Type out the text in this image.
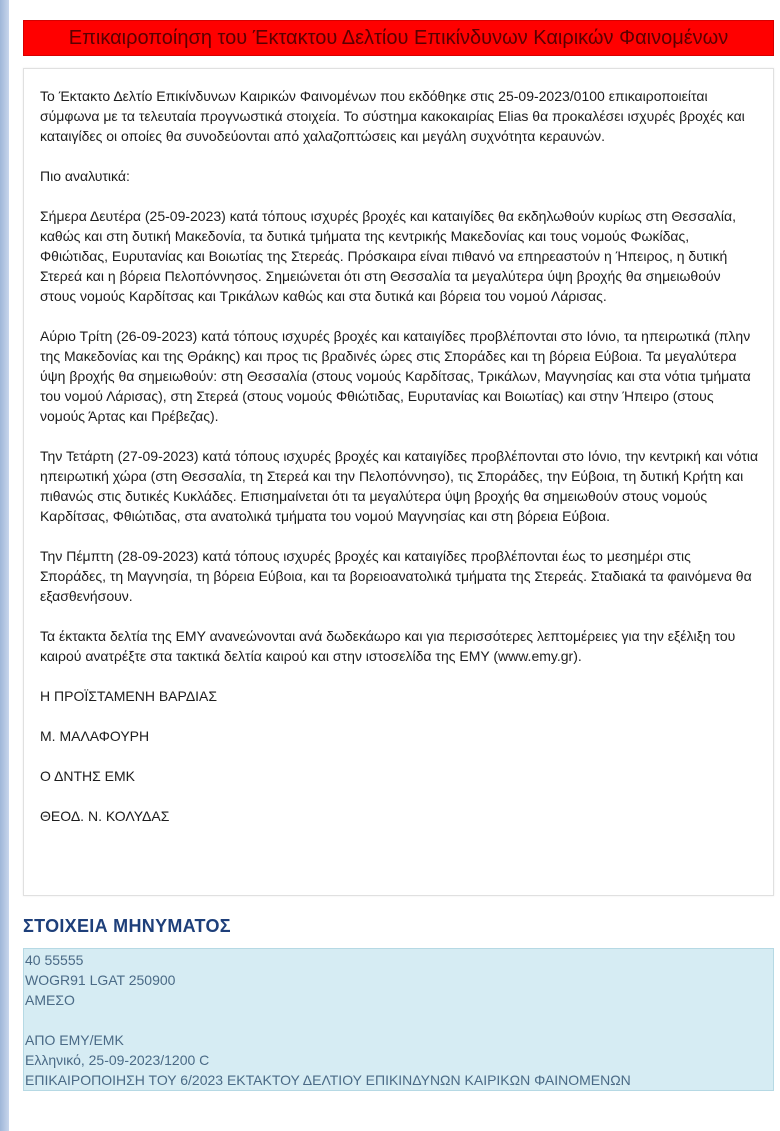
Επικαιροποίηση του Έκτακτου Δελτίου Επικίνδυνων Καιρικών Φαινομένων

Το Έκτακτο Δελτίο Επικίνδυνων Καιρικών Φαινομένων που εκδόθηκε στις 25-09-2023/0100 επικαιροποιείται σύμφωνα με τα τελευταία προγνωστικά στοιχεία. Το σύστημα κακοκαιρίας Elias θα προκαλέσει ισχυρές βροχές και καταιγίδες οι οποίες θα συνοδεύονται από χαλαζοπτώσεις και μεγάλη συχνότητα κεραυνών.

Πιο αναλυτικά:

Σήμερα Δευτέρα (25-09-2023) κατά τόπους ισχυρές βροχές και καταιγίδες θα εκδηλωθούν κυρίως στη Θεσσαλία, καθώς και στη δυτική Μακεδονία, τα δυτικά τμήματα της κεντρικής Μακεδονίας και τους νομούς Φωκίδας, Φθιώτιδας, Ευρυτανίας και Βοιωτίας της Στερεάς. Πρόσκαιρα είναι πιθανό να επηρεαστούν η Ήπειρος, η δυτική Στερεά και η βόρεια Πελοπόννησος. Σημειώνεται ότι στη Θεσσαλία τα μεγαλύτερα ύψη βροχής θα σημειωθούν στους νομούς Καρδίτσας και Τρικάλων καθώς και στα δυτικά και βόρεια του νομού Λάρισας.

Αύριο Τρίτη (26-09-2023) κατά τόπους ισχυρές βροχές και καταιγίδες προβλέπονται στο Ιόνιο, τα ηπειρωτικά (πλην της Μακεδονίας και της Θράκης) και προς τις βραδινές ώρες στις Σποράδες και τη βόρεια Εύβοια. Τα μεγαλύτερα ύψη βροχής θα σημειωθούν: στη Θεσσαλία (στους νομούς Καρδίτσας, Τρικάλων, Μαγνησίας και στα νότια τμήματα του νομού Λάρισας), στη Στερεά (στους νομούς Φθιώτιδας, Ευρυτανίας και Βοιωτίας) και στην Ήπειρο (στους νομούς Άρτας και Πρέβεζας).

Την Τετάρτη (27-09-2023) κατά τόπους ισχυρές βροχές και καταιγίδες προβλέπονται στο Ιόνιο, την κεντρική και νότια ηπειρωτική χώρα (στη Θεσσαλία, τη Στερεά και την Πελοπόννησο), τις Σποράδες, την Εύβοια, τη δυτική Κρήτη και πιθανώς στις δυτικές Κυκλάδες. Επισημαίνεται ότι τα μεγαλύτερα ύψη βροχής θα σημειωθούν στους νομούς Καρδίτσας, Φθιώτιδας, στα ανατολικά τμήματα του νομού Μαγνησίας και στη βόρεια Εύβοια.

Την Πέμπτη (28-09-2023) κατά τόπους ισχυρές βροχές και καταιγίδες προβλέπονται έως το μεσημέρι στις Σποράδες, τη Μαγνησία, τη βόρεια Εύβοια, και τα βορειοανατολικά τμήματα της Στερεάς. Σταδιακά τα φαινόμενα θα εξασθενήσουν.

Τα έκτακτα δελτία της ΕΜΥ ανανεώνονται ανά δωδεκάωρο και για περισσότερες λεπτομέρειες για την εξέλιξη του καιρού ανατρέξτε στα τακτικά δελτία καιρού και στην ιστοσελίδα της ΕΜΥ (www.emy.gr).

Η ΠΡΟΪΣΤΑΜΕΝΗ ΒΑΡΔΙΑΣ

Μ. ΜΑΛΑΦΟΥΡΗ

Ο ΔΝΤΗΣ ΕΜΚ

ΘΕΟΔ. Ν. ΚΟΛΥΔΑΣ

ΣΤΟΙΧΕΙΑ ΜΗΝΥΜΑΤΟΣ
40 55555
WOGR91 LGAT 250900
ΑΜΕΣΟ
ΑΠΟ ΕΜΥ/ΕΜΚ
Ελληνικό, 25-09-2023/1200 C
ΕΠΙΚΑΙΡΟΠΟΙΗΣΗ ΤΟΥ 6/2023 ΕΚΤΑΚΤΟΥ ΔΕΛΤΙΟΥ ΕΠΙΚΙΝΔΥΝΩΝ ΚΑΙΡΙΚΩΝ ΦΑΙΝΟΜΕΝΩΝ
